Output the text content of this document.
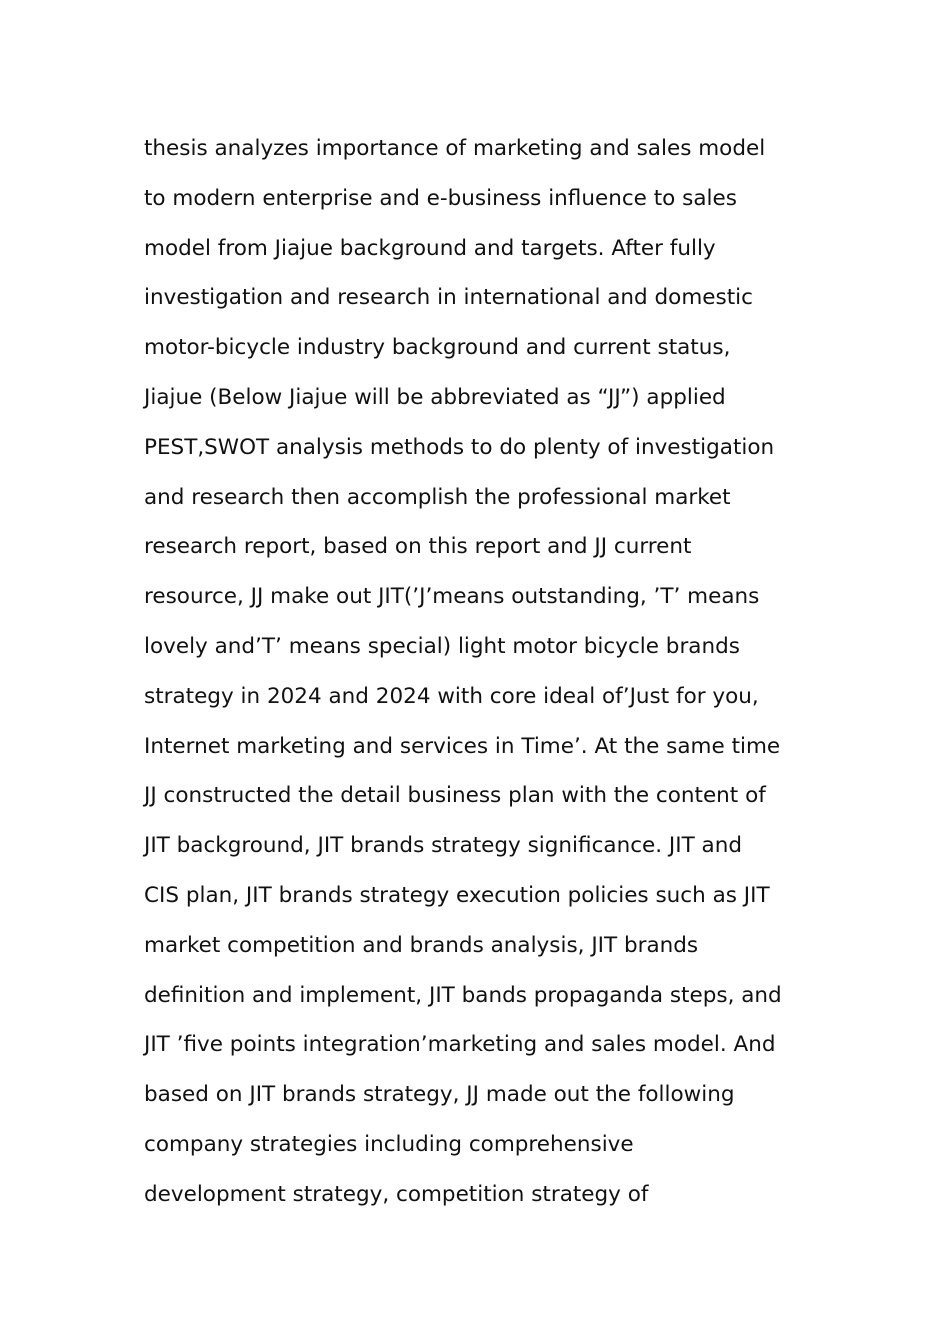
thesis analyzes importance of marketing and sales model
to modern enterprise and e-business influence to sales
model from Jiajue background and targets. After fully
investigation and research in international and domestic
motor-bicycle industry background and current status,
Jiajue (Below Jiajue will be abbreviated as “JJ”) applied
PEST,SWOT analysis methods to do plenty of investigation
and research then accomplish the professional market
research report, based on this report and JJ current
resource, JJ make out JIT(’J’means outstanding, ’T’ means
lovely and’T’ means special) light motor bicycle brands
strategy in 2024 and 2024 with core ideal of’Just for you,
Internet marketing and services in Time’. At the same time
JJ constructed the detail business plan with the content of
JIT background, JIT brands strategy significance. JIT and
CIS plan, JIT brands strategy execution policies such as JIT
market competition and brands analysis, JIT brands
definition and implement, JIT bands propaganda steps, and
JIT ’five points integration’marketing and sales model. And
based on JIT brands strategy, JJ made out the following
company strategies including comprehensive
development strategy, competition strategy of
